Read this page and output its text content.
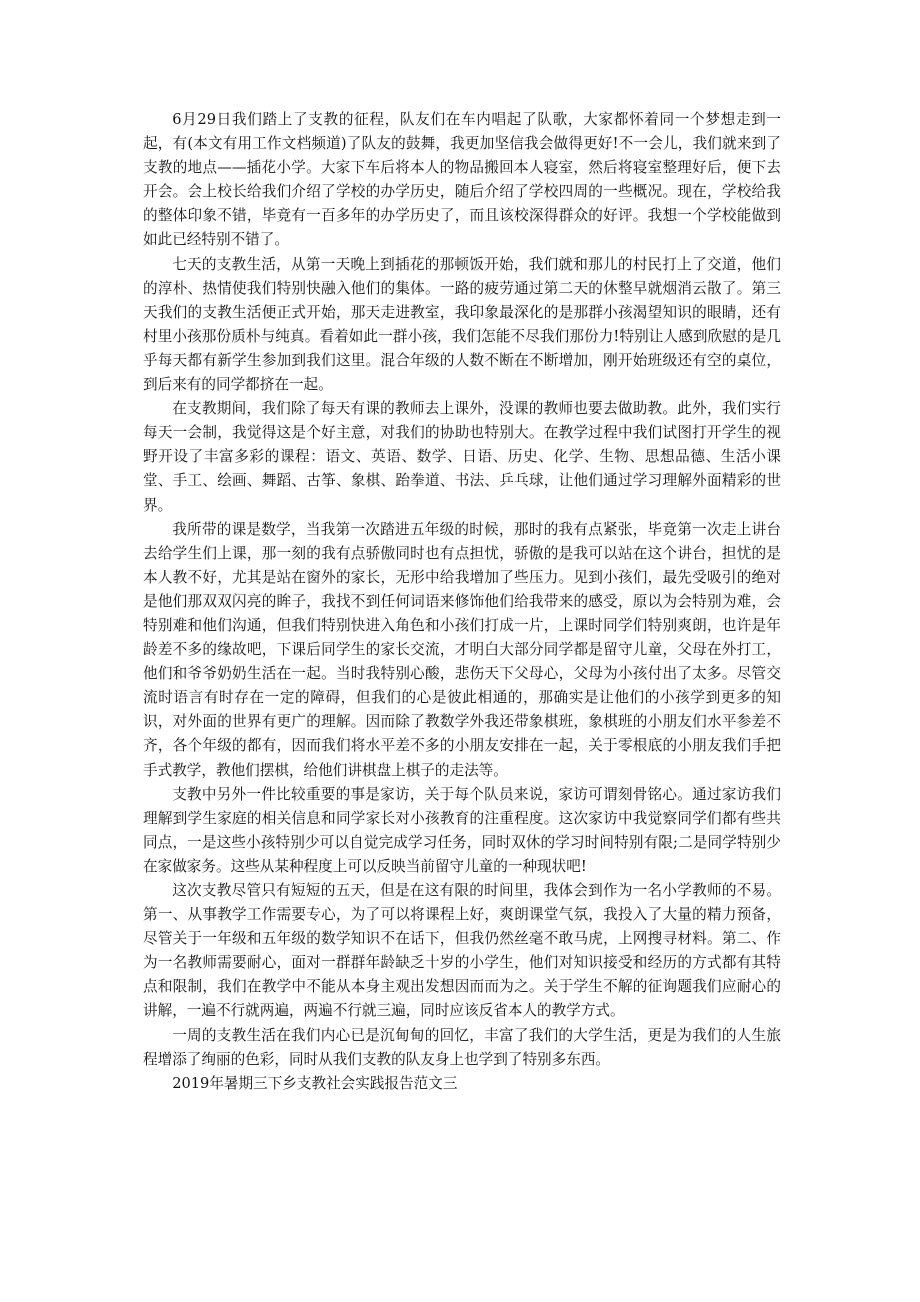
6月29日我们踏上了支教的征程，队友们在车内唱起了队歌，大家都怀着同一个梦想走到一起，有(本文有用工作文档频道)了队友的鼓舞，我更加坚信我会做得更好!不一会儿，我们就来到了支教的地点——插花小学。大家下车后将本人的物品搬回本人寝室，然后将寝室整理好后，便下去开会。会上校长给我们介绍了学校的办学历史，随后介绍了学校四周的一些概况。现在，学校给我的整体印象不错，毕竟有一百多年的办学历史了，而且该校深得群众的好评。我想一个学校能做到如此已经特别不错了。

七天的支教生活，从第一天晚上到插花的那顿饭开始，我们就和那儿的村民打上了交道，他们的淳朴、热情使我们特别快融入他们的集体。一路的疲劳通过第二天的休整早就烟消云散了。第三天我们的支教生活便正式开始，那天走进教室，我印象最深化的是那群小孩渴望知识的眼睛，还有村里小孩那份质朴与纯真。看着如此一群小孩，我们怎能不尽我们那份力!特别让人感到欣慰的是几乎每天都有新学生参加到我们这里。混合年级的人数不断在不断增加，刚开始班级还有空的桌位，到后来有的同学都挤在一起。

在支教期间，我们除了每天有课的教师去上课外，没课的教师也要去做助教。此外，我们实行每天一会制，我觉得这是个好主意，对我们的协助也特别大。在教学过程中我们试图打开学生的视野开设了丰富多彩的课程：语文、英语、数学、日语、历史、化学、生物、思想品德、生活小课堂、手工、绘画、舞蹈、古筝、象棋、跆拳道、书法、乒乓球，让他们通过学习理解外面精彩的世界。

我所带的课是数学，当我第一次踏进五年级的时候，那时的我有点紧张，毕竟第一次走上讲台去给学生们上课，那一刻的我有点骄傲同时也有点担忧，骄傲的是我可以站在这个讲台，担忧的是本人教不好，尤其是站在窗外的家长，无形中给我增加了些压力。见到小孩们，最先受吸引的绝对是他们那双双闪亮的眸子，我找不到任何词语来修饰他们给我带来的感受，原以为会特别为难，会特别难和他们沟通，但我们特别快进入角色和小孩们打成一片，上课时同学们特别爽朗，也许是年龄差不多的缘故吧，下课后同学生的家长交流，才明白大部分同学都是留守儿童，父母在外打工，他们和爷爷奶奶生活在一起。当时我特别心酸，悲伤天下父母心，父母为小孩付出了太多。尽管交流时语言有时存在一定的障碍，但我们的心是彼此相通的，那确实是让他们的小孩学到更多的知识，对外面的世界有更广的理解。因而除了教数学外我还带象棋班，象棋班的小朋友们水平参差不齐，各个年级的都有，因而我们将水平差不多的小朋友安排在一起，关于零根底的小朋友我们手把手式教学，教他们摆棋，给他们讲棋盘上棋子的走法等。

支教中另外一件比较重要的事是家访，关于每个队员来说，家访可谓刻骨铭心。通过家访我们理解到学生家庭的相关信息和同学家长对小孩教育的注重程度。这次家访中我觉察同学们都有些共同点，一是这些小孩特别少可以自觉完成学习任务，同时双休的学习时间特别有限;二是同学特别少在家做家务。这些从某种程度上可以反映当前留守儿童的一种现状吧!

这次支教尽管只有短短的五天，但是在这有限的时间里，我体会到作为一名小学教师的不易。第一、从事教学工作需要专心，为了可以将课程上好，爽朗课堂气氛，我投入了大量的精力预备，尽管关于一年级和五年级的数学知识不在话下，但我仍然丝毫不敢马虎，上网搜寻材料。第二、作为一名教师需要耐心，面对一群群年龄缺乏十岁的小学生，他们对知识接受和经历的方式都有其特点和限制，我们在教学中不能从本身主观出发想因而而为之。关于学生不解的征询题我们应耐心的讲解，一遍不行就两遍，两遍不行就三遍，同时应该反省本人的教学方式。

一周的支教生活在我们内心已是沉甸甸的回忆，丰富了我们的大学生活，更是为我们的人生旅程增添了绚丽的色彩，同时从我们支教的队友身上也学到了特别多东西。

2019年暑期三下乡支教社会实践报告范文三
